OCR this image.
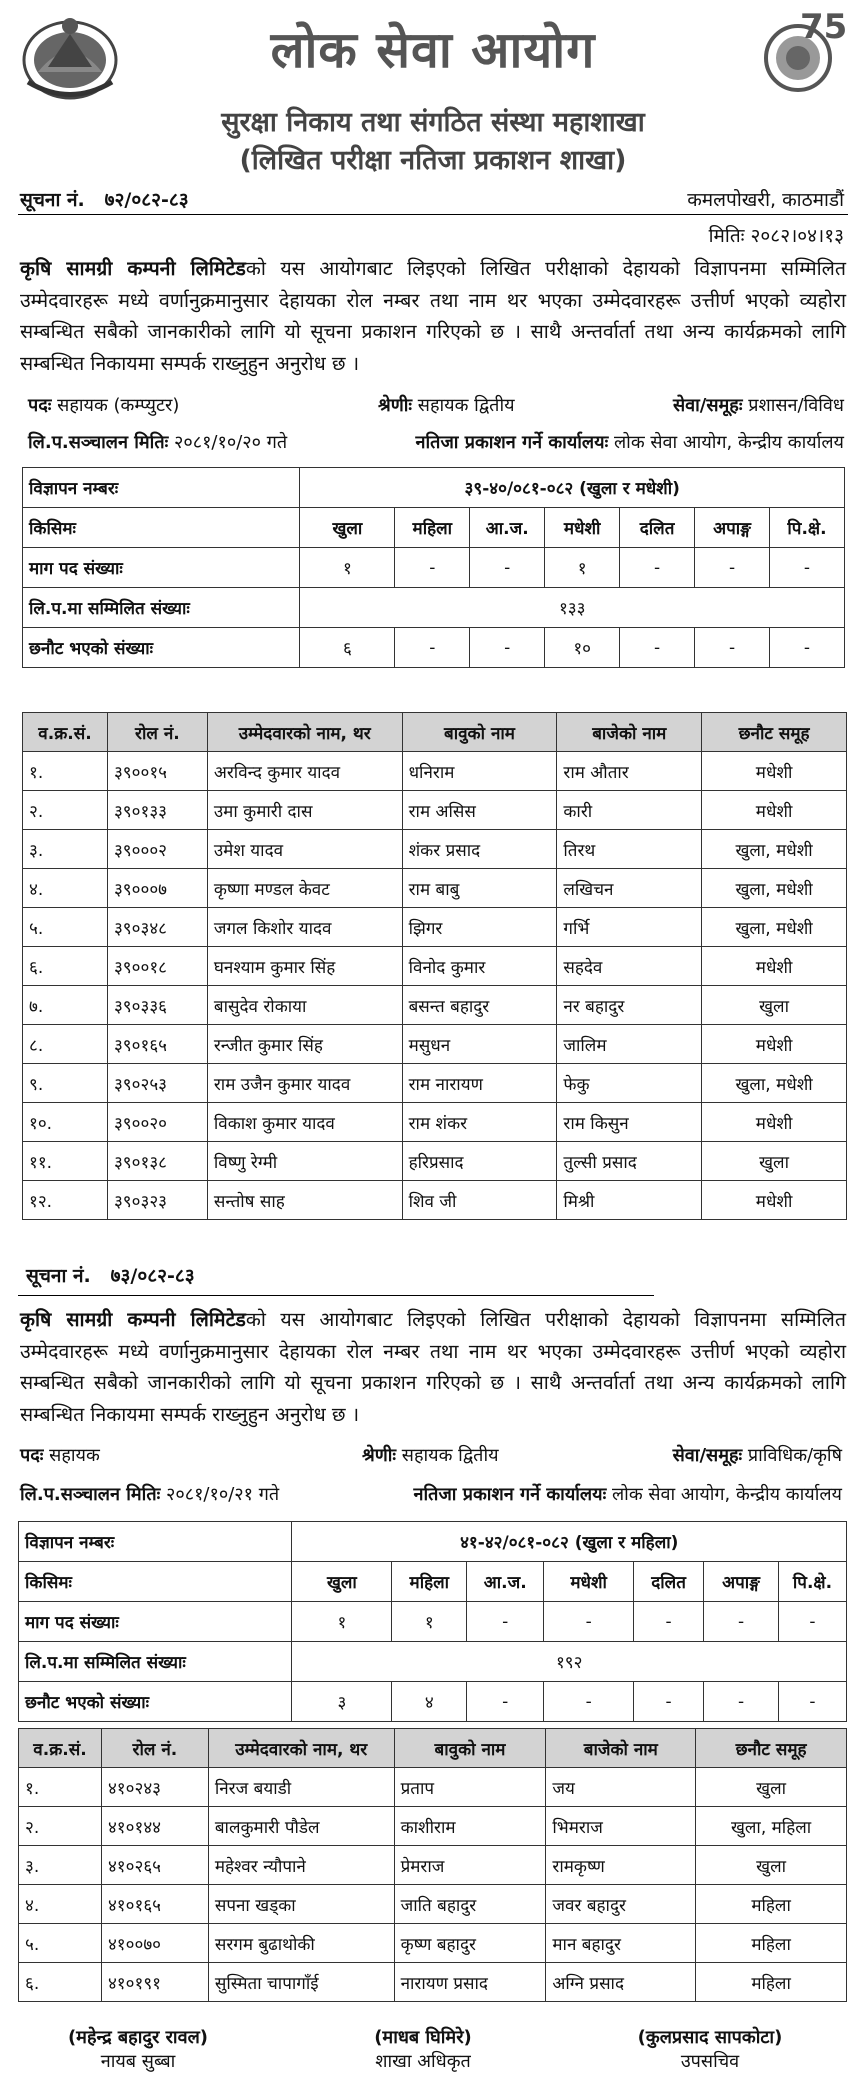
लोक सेवा आयोग	75
सुरक्षा निकाय तथा संगठित संस्था महाशाखा
(लिखित परीक्षा नतिजा प्रकाशन शाखा)
सूचना नं. ७२/०८२-८३	कमलपोखरी, काठमाडौं
मितिः २०८२।०४।१३
कृषि सामग्री कम्पनी लिमिटेडको यस आयोगबाट लिइएको लिखित परीक्षाको देहायको विज्ञापनमा सम्मिलित उम्मेदवारहरू मध्ये वर्णानुक्रमानुसार देहायका रोल नम्बर तथा नाम थर भएका उम्मेदवारहरू उत्तीर्ण भएको व्यहोरा सम्बन्धित सबैको जानकारीको लागि यो सूचना प्रकाशन गरिएको छ । साथै अन्तर्वार्ता तथा अन्य कार्यक्रमको लागि सम्बन्धित निकायमा सम्पर्क राख्नुहुन अनुरोध छ ।
पदः सहायक (कम्प्युटर)	श्रेणीः सहायक द्वितीय	सेवा/समूहः प्रशासन/विविध
लि.प.सञ्चालन मितिः २०८१/१०/२० गते	नतिजा प्रकाशन गर्ने कार्यालयः लोक सेवा आयोग, केन्द्रीय कार्यालय
विज्ञापन नम्बरः	३९-४०/०८१-०८२ (खुला र मधेशी)						
किसिमः	खुला	महिला	आ.ज.	मधेशी	दलित	अपाङ्ग	पि.क्षे.
माग पद संख्याः	१	-	-	१	-	-	-
लि.प.मा सम्मिलित संख्याः	१३३						
छनौट भएको संख्याः	६	-	-	१०	-	-	-
व.क्र.सं.	रोल नं.	उम्मेदवारको नाम, थर	बावुको नाम	बाजेको नाम	छनौट समूह
१.	३९००१५	अरविन्द कुमार यादव	धनिराम	राम औतार	मधेशी
२.	३९०१३३	उमा कुमारी दास	राम असिस	कारी	मधेशी
३.	३९०००२	उमेश यादव	शंकर प्रसाद	तिरथ	खुला, मधेशी
४.	३९०००७	कृष्णा मण्डल केवट	राम बाबु	लखिचन	खुला, मधेशी
५.	३९०३४८	जगल किशोर यादव	झिगर	गर्भि	खुला, मधेशी
६.	३९००१८	घनश्याम कुमार सिंह	विनोद कुमार	सहदेव	मधेशी
७.	३९०३३६	बासुदेव रोकाया	बसन्त बहादुर	नर बहादुर	खुला
८.	३९०१६५	रन्जीत कुमार सिंह	मसुधन	जालिम	मधेशी
९.	३९०२५३	राम उजैन कुमार यादव	राम नारायण	फेकु	खुला, मधेशी
१०.	३९००२०	विकाश कुमार यादव	राम शंकर	राम किसुन	मधेशी
११.	३९०१३८	विष्णु रेग्मी	हरिप्रसाद	तुल्सी प्रसाद	खुला
१२.	३९०३२३	सन्तोष साह	शिव जी	मिश्री	मधेशी
सूचना नं. ७३/०८२-८३
कृषि सामग्री कम्पनी लिमिटेडको यस आयोगबाट लिइएको लिखित परीक्षाको देहायको विज्ञापनमा सम्मिलित उम्मेदवारहरू मध्ये वर्णानुक्रमानुसार देहायका रोल नम्बर तथा नाम थर भएका उम्मेदवारहरू उत्तीर्ण भएको व्यहोरा सम्बन्धित सबैको जानकारीको लागि यो सूचना प्रकाशन गरिएको छ । साथै अन्तर्वार्ता तथा अन्य कार्यक्रमको लागि सम्बन्धित निकायमा सम्पर्क राख्नुहुन अनुरोध छ ।
पदः सहायक	श्रेणीः सहायक द्वितीय	सेवा/समूहः प्राविधिक/कृषि
लि.प.सञ्चालन मितिः २०८१/१०/२१ गते	नतिजा प्रकाशन गर्ने कार्यालयः लोक सेवा आयोग, केन्द्रीय कार्यालय
विज्ञापन नम्बरः	४१-४२/०८१-०८२ (खुला र महिला)						
किसिमः	खुला	महिला	आ.ज.	मधेशी	दलित	अपाङ्ग	पि.क्षे.
माग पद संख्याः	१	१	-	-	-	-	-
लि.प.मा सम्मिलित संख्याः	१९२						
छनौट भएको संख्याः	३	४	-	-	-	-	-
व.क्र.सं.	रोल नं.	उम्मेदवारको नाम, थर	बावुको नाम	बाजेको नाम	छनौट समूह
१.	४१०२४३	निरज बयाडी	प्रताप	जय	खुला
२.	४१०१४४	बालकुमारी पौडेल	काशीराम	भिमराज	खुला, महिला
३.	४१०२६५	महेश्वर न्यौपाने	प्रेमराज	रामकृष्ण	खुला
४.	४१०१६५	सपना खड्का	जाति बहादुर	जवर बहादुर	महिला
५.	४१००७०	सरगम बुढाथोकी	कृष्ण बहादुर	मान बहादुर	महिला
६.	४१०१९१	सुस्मिता चापागाँई	नारायण प्रसाद	अग्नि प्रसाद	महिला
(महेन्द्र बहादुर रावल)
नायब सुब्बा
(माधब घिमिरे)
शाखा अधिकृत
(कुलप्रसाद सापकोटा)
उपसचिव
